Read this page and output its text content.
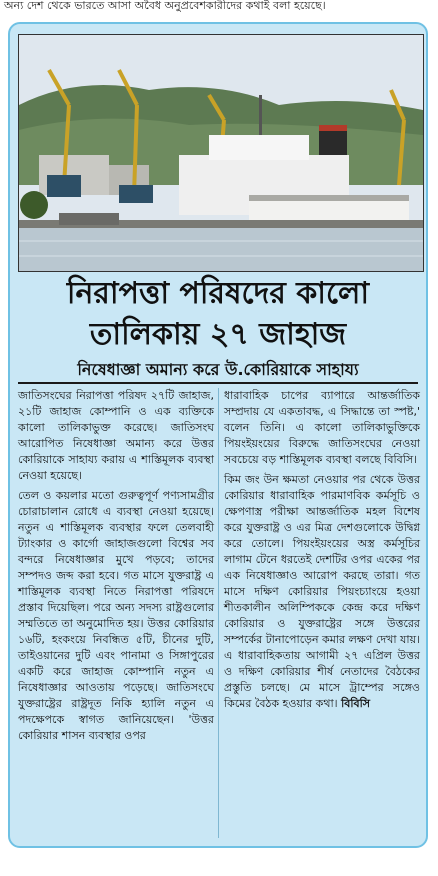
অন্য দেশ থেকে ভারতে আসা অবৈধ অনুপ্রবেশকারীদের কথাই বলা হয়েছে।
নিরাপত্তা পরিষদের কালো
তালিকায় ২৭ জাহাজ
নিষেধাজ্ঞা অমান্য করে উ.কোরিয়াকে সাহায্য

জাতিসংঘের নিরাপত্তা পরিষদ ২৭টি জাহাজ, ২১টি জাহাজ কোম্পানি ও এক ব্যক্তিকে কালো তালিকাভুক্ত করেছে। জাতিসংঘ আরোপিত নিষেধাজ্ঞা অমান্য করে উত্তর কোরিয়াকে সাহায্য করায় এ শাস্তিমূলক ব্যবস্থা নেওয়া হয়েছে।

তেল ও কয়লার মতো গুরুত্বপূর্ণ পণ্যসামগ্রীর চোরাচালান রোধে এ ব্যবস্থা নেওয়া হয়েছে। নতুন এ শাস্তিমূলক ব্যবস্থার ফলে তেলবাহী ট্যাংকার ও কার্গো জাহাজগুলো বিশ্বের সব বন্দরে নিষেধাজ্ঞার মুখে পড়বে; তাদের সম্পদও জব্দ করা হবে। গত মাসে যুক্তরাষ্ট্র এ শাস্তিমূলক ব্যবস্থা নিতে নিরাপত্তা পরিষদে প্রস্তাব দিয়েছিল। পরে অন্য সদস্য রাষ্ট্রগুলোর সম্মতিতে তা অনুমোদিত হয়। উত্তর কোরিয়ার ১৬টি, হংকংয়ে নিবন্ধিত ৫টি, চীনের দুটি, তাইওয়ানের দুটি এবং পানামা ও সিঙ্গাপুরের একটি করে জাহাজ কোম্পানি নতুন এ নিষেধাজ্ঞার আওতায় পড়েছে। জাতিসংঘে যুক্তরাষ্ট্রের রাষ্ট্রদূত নিকি হ্যালি নতুন এ পদক্ষেপকে স্বাগত জানিয়েছেন। 'উত্তর কোরিয়ার শাসন ব্যবস্থার ওপর

ধারাবাহিক চাপের ব্যাপারে আন্তর্জাতিক সম্প্রদায় যে একতাবদ্ধ, এ সিদ্ধান্তে তা স্পষ্ট,' বলেন তিনি। এ কালো তালিকাভুক্তিকে পিয়ংইয়ংয়ের বিরুদ্ধে জাতিসংঘের নেওয়া সবচেয়ে বড় শাস্তিমূলক ব্যবস্থা বলছে বিবিসি।

কিম জং উন ক্ষমতা নেওয়ার পর থেকে উত্তর কোরিয়ার ধারাবাহিক পারমাণবিক কর্মসূচি ও ক্ষেপণাস্ত্র পরীক্ষা আন্তর্জাতিক মহল বিশেষ করে যুক্তরাষ্ট্র ও এর মিত্র দেশগুলোকে উদ্বিগ্ন করে তোলে। পিয়ংইয়ংয়ের অস্ত্র কর্মসূচির লাগাম টেনে ধরতেই দেশটির ওপর একের পর এক নিষেধাজ্ঞাও আরোপ করছে তারা। গত মাসে দক্ষিণ কোরিয়ার পিয়ংচ্যাংয়ে হওয়া শীতকালীন অলিম্পিককে কেন্দ্র করে দক্ষিণ কোরিয়ার ও যুক্তরাষ্ট্রের সঙ্গে উত্তরের সম্পর্কের টানাপোড়েন কমার লক্ষণ দেখা যায়। এ ধারাবাহিকতায় আগামী ২৭ এপ্রিল উত্তর ও দক্ষিণ কোরিয়ার শীর্ষ নেতাদের বৈঠকের প্রস্তুতি চলছে। মে মাসে ট্রাম্পের সঙ্গেও কিমের বৈঠক হওয়ার কথা। বিবিসি
